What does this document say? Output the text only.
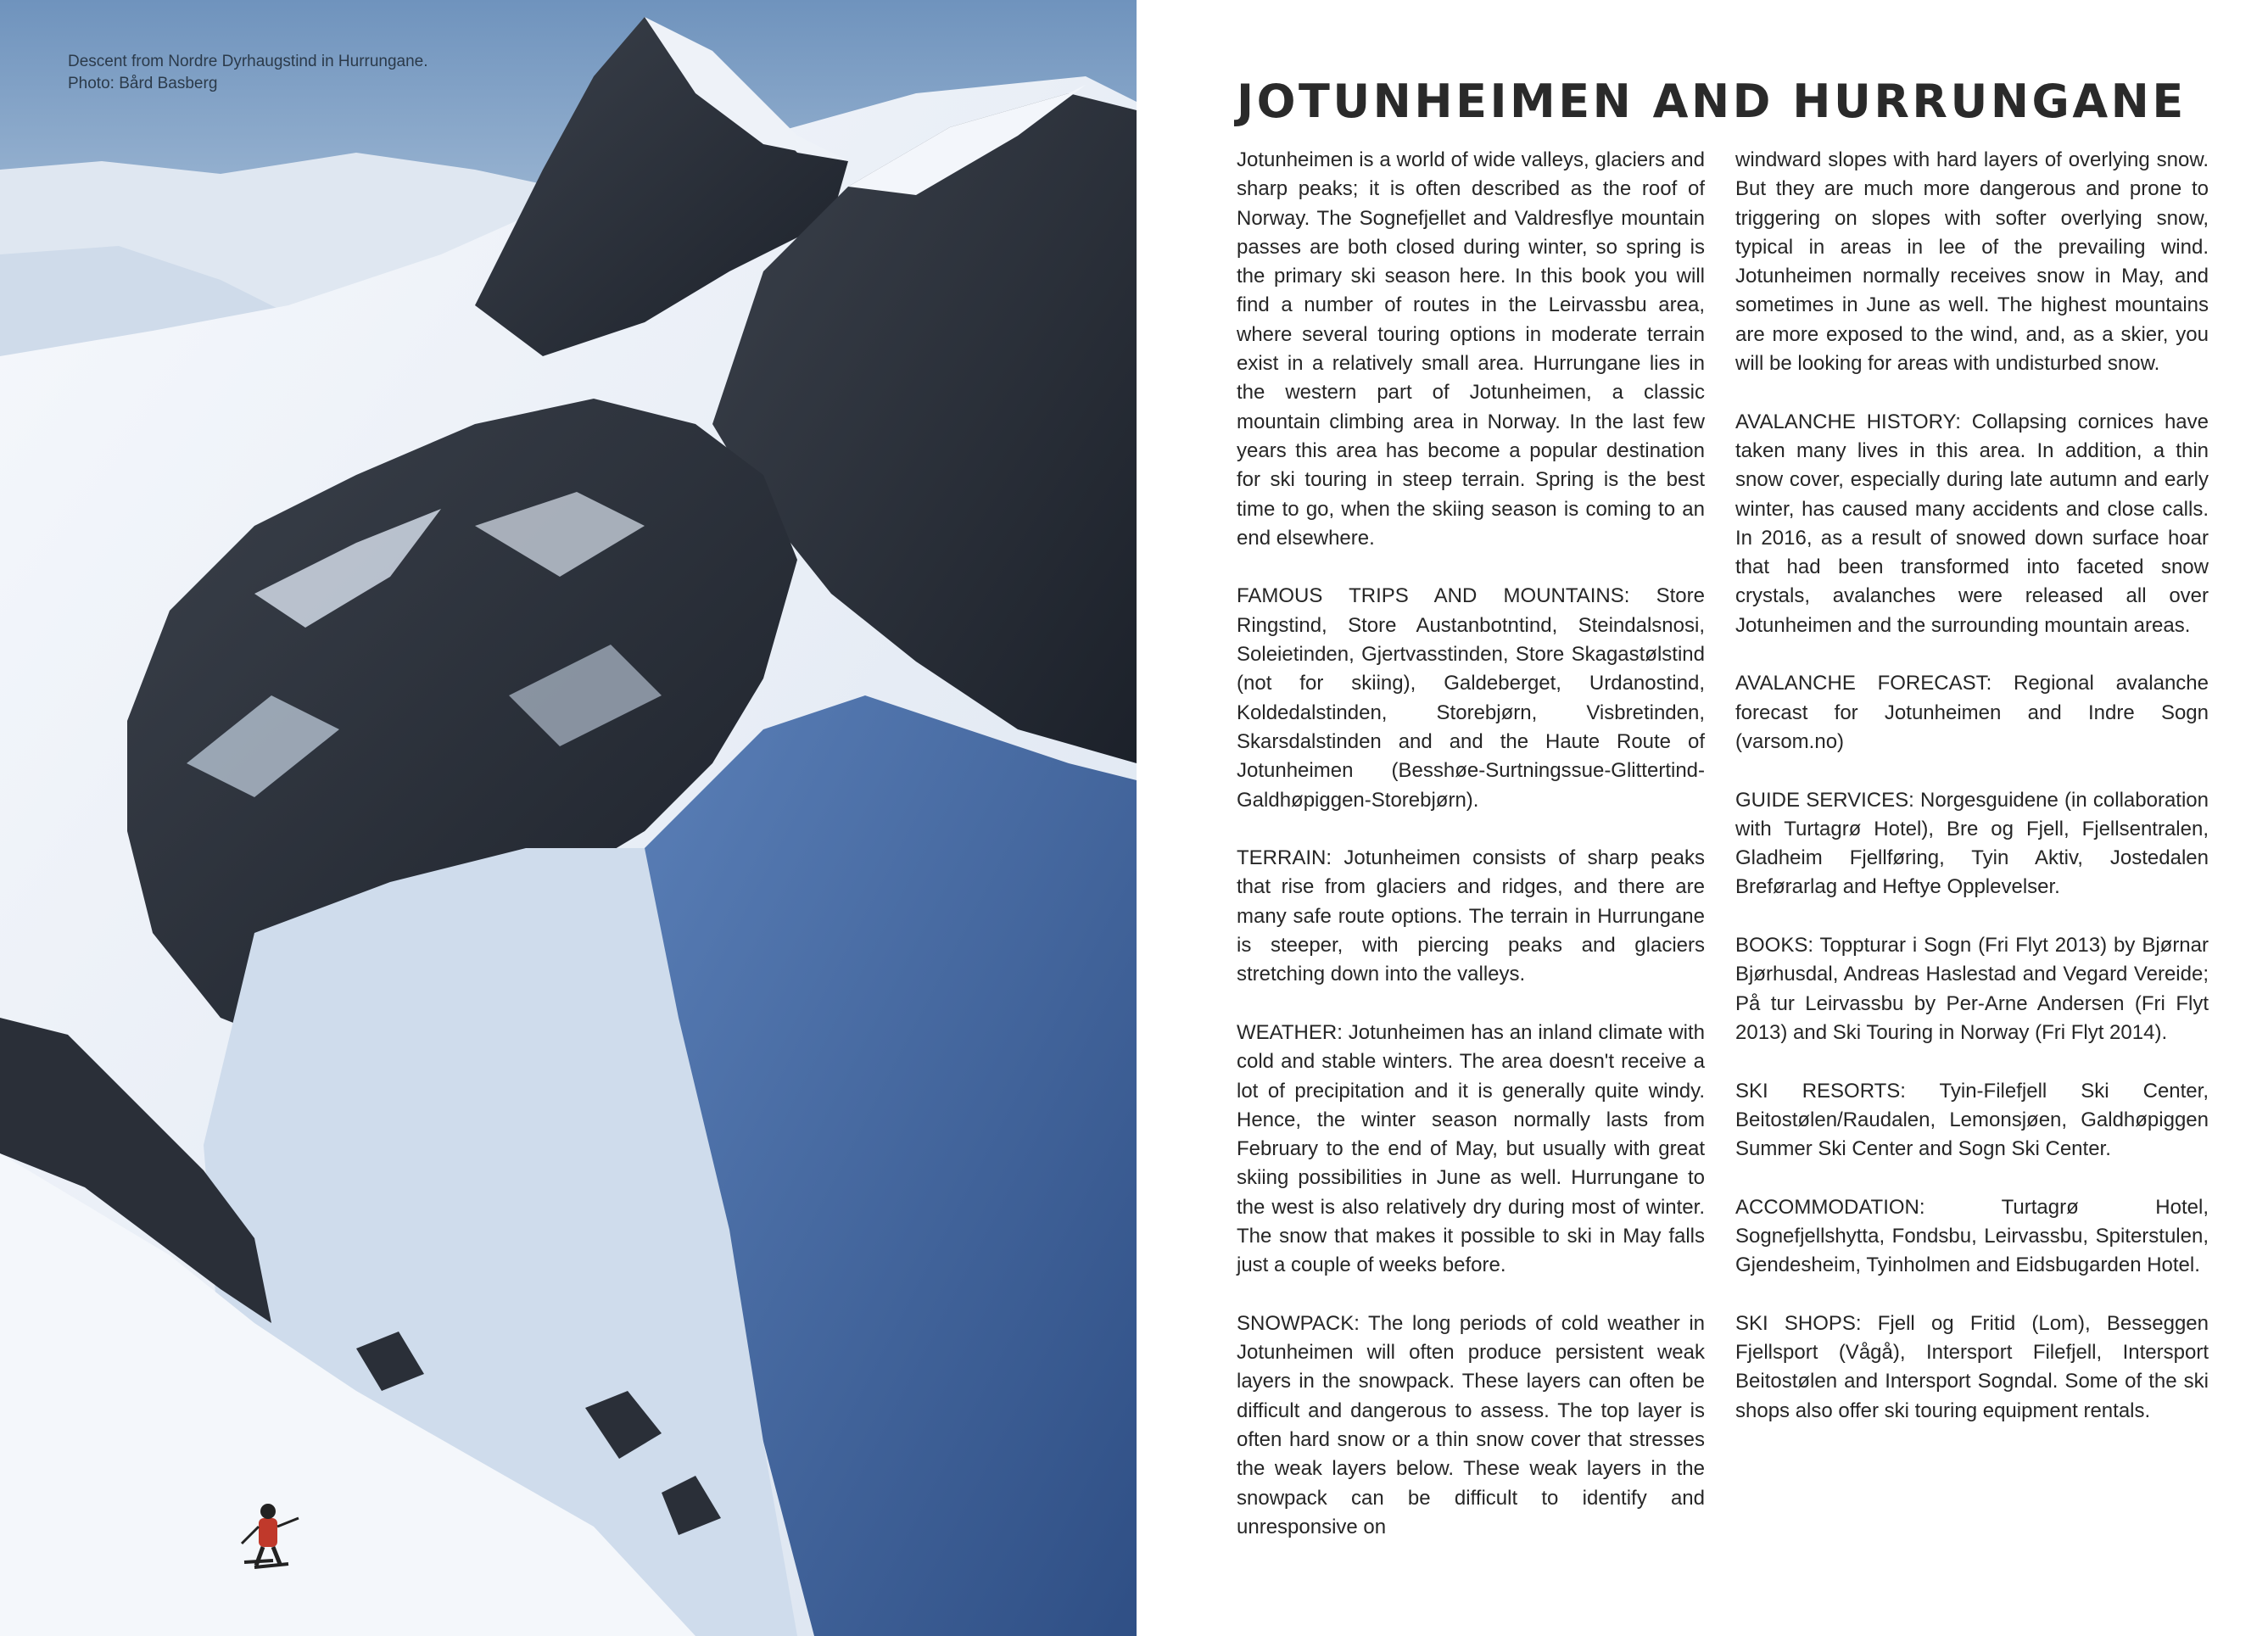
Descent from Nordre Dyrhaugstind in Hurrungane.
Photo: Bård Basberg	JOTUNHEIMEN AND HURRUNGANE

Jotunheimen is a world of wide valleys, glaciers and sharp peaks; it is often described as the roof of Norway. The Sognefjellet and Valdresflye mountain passes are both closed during winter, so spring is the primary ski season here. In this book you will find a number of routes in the Leirvassbu area, where several touring options in moderate terrain exist in a relatively small area. Hurrungane lies in the western part of Jotunheimen, a classic mountain climbing area in Norway. In the last few years this area has become a popular destination for ski touring in steep terrain. Spring is the best time to go, when the skiing season is coming to an end elsewhere.

FAMOUS TRIPS AND MOUNTAINS: Store Ringstind, Store Austanbotntind, Steindalsnosi, Soleietinden, Gjertvasstinden, Store Skagastølstind (not for skiing), Galdeberget, Urdanostind, Koldedalstinden, Storebjørn, Visbretinden, Skarsdalstinden and and the Haute Route of Jotunheimen (Besshøe-Surtningssue-Glittertind-Galdhøpiggen-Storebjørn).

TERRAIN: Jotunheimen consists of sharp peaks that rise from glaciers and ridges, and there are many safe route options. The terrain in Hurrungane is steeper, with piercing peaks and glaciers stretching down into the valleys.

WEATHER: Jotunheimen has an inland climate with cold and stable winters. The area doesn't receive a lot of precipitation and it is generally quite windy. Hence, the winter season normally lasts from February to the end of May, but usually with great skiing possibilities in June as well. Hurrungane to the west is also relatively dry during most of winter. The snow that makes it possible to ski in May falls just a couple of weeks before.

SNOWPACK: The long periods of cold weather in Jotunheimen will often produce persistent weak layers in the snowpack. These layers can often be difficult and dangerous to assess. The top layer is often hard snow or a thin snow cover that stresses the weak layers below. These weak layers in the snowpack can be difficult to identify and unresponsive on

windward slopes with hard layers of overlying snow. But they are much more dangerous and prone to triggering on slopes with softer overlying snow, typical in areas in lee of the prevailing wind. Jotunheimen normally receives snow in May, and sometimes in June as well. The highest mountains are more exposed to the wind, and, as a skier, you will be looking for areas with undisturbed snow.

AVALANCHE HISTORY: Collapsing cornices have taken many lives in this area. In addition, a thin snow cover, especially during late autumn and early winter, has caused many accidents and close calls. In 2016, as a result of snowed down surface hoar that had been transformed into faceted snow crystals, avalanches were released all over Jotunheimen and the surrounding mountain areas.

AVALANCHE FORECAST: Regional avalanche forecast for Jotunheimen and Indre Sogn (varsom.no)

GUIDE SERVICES: Norgesguidene (in collaboration with Turtagrø Hotel), Bre og Fjell, Fjellsentralen, Gladheim Fjellføring, Tyin Aktiv, Jostedalen Breførarlag and Heftye Opplevelser.

BOOKS: Toppturar i Sogn (Fri Flyt 2013) by Bjørnar Bjørhusdal, Andreas Haslestad and Vegard Vereide; På tur Leirvassbu by Per-Arne Andersen (Fri Flyt 2013) and Ski Touring in Norway (Fri Flyt 2014).

SKI RESORTS: Tyin-Filefjell Ski Center, Beitostølen/Raudalen, Lemonsjøen, Galdhøpiggen Summer Ski Center and Sogn Ski Center.

ACCOMMODATION: Turtagrø Hotel, Sognefjellshytta, Fondsbu, Leirvassbu, Spiterstulen, Gjendesheim, Tyinholmen and Eidsbugarden Hotel.

SKI SHOPS: Fjell og Fritid (Lom), Besseggen Fjellsport (Vågå), Intersport Filefjell, Intersport Beitostølen and Intersport Sogndal. Some of the ski shops also offer ski touring equipment rentals.
